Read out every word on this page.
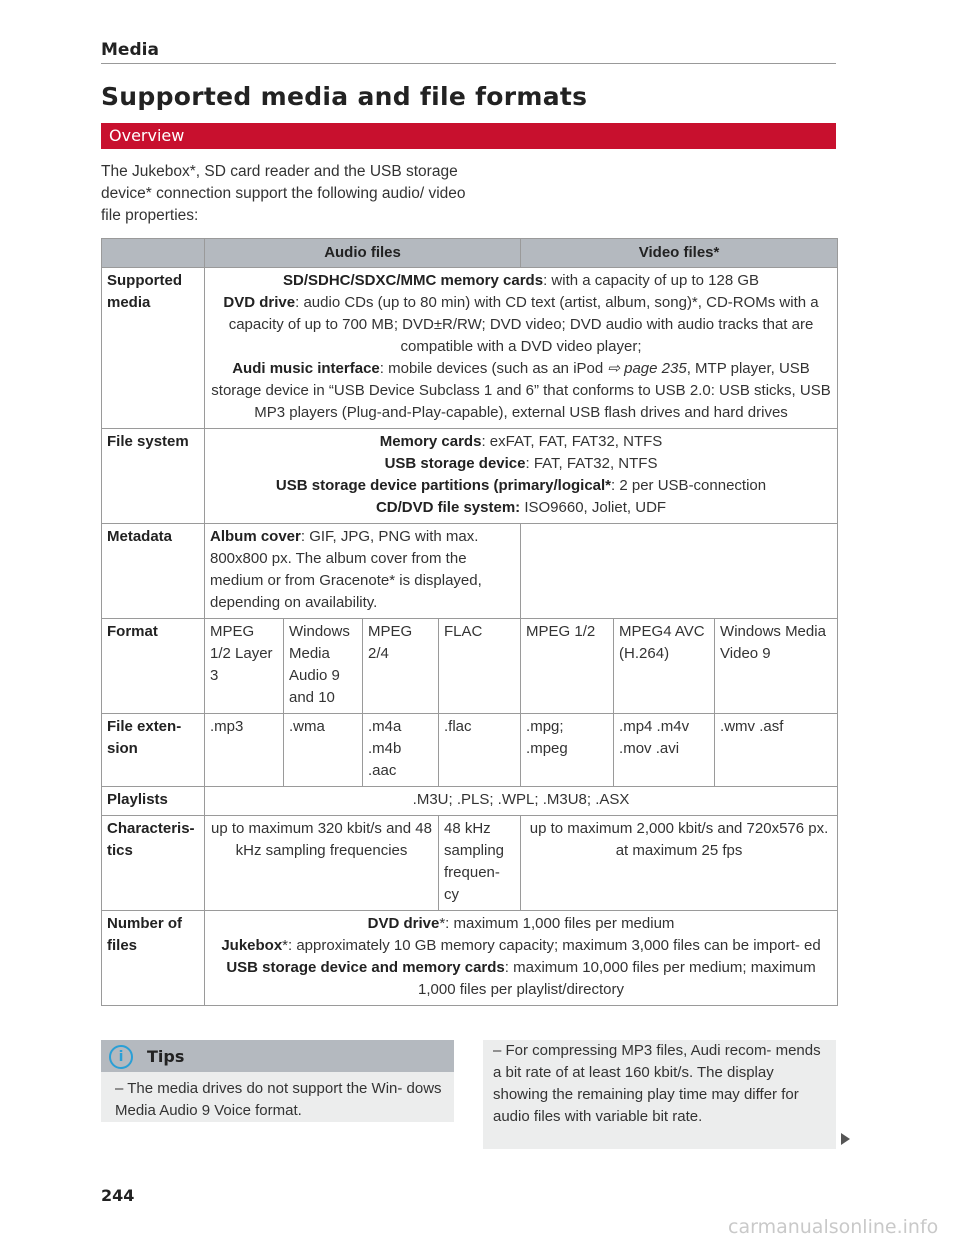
Media
Supported media and file formats
Overview
The Jukebox*, SD card reader and the USB storage device* connection support the following audio/ video file properties:
	Audio files				Video files*		
Supported media	SD/SDHC/SDXC/MMC memory cards: with a capacity of up to 128 GB
DVD drive: audio CDs (up to 80 min) with CD text (artist, album, song)*, CD-ROMs with a capacity of up to 700 MB; DVD±R/RW; DVD video; DVD audio with audio tracks that are compatible with a DVD video player;
Audi music interface: mobile devices (such as an iPod ⇨ page 235, MTP player, USB storage device in “USB Device Subclass 1 and 6” that conforms to USB 2.0: USB sticks, USB MP3 players (Plug-and-Play-capable), external USB flash drives and hard drives						
File system	Memory cards: exFAT, FAT, FAT32, NTFS
USB storage device: FAT, FAT32, NTFS
USB storage device partitions (primary/logical*: 2 per USB-connection
CD/DVD file system: ISO9660, Joliet, UDF						
Metadata	Album cover: GIF, JPG, PNG with max. 800x800 px. The album cover from the medium or from Gracenote* is displayed, depending on availability.						
Format	MPEG 1/2 Layer 3	Windows Media Audio 9 and 10	MPEG 2/4	FLAC	MPEG 1/2	MPEG4 AVC (H.264)	Windows Media Video 9
File exten- sion	.mp3	.wma	.m4a .m4b .aac	.flac	.mpg; .mpeg	.mp4 .m4v .mov .avi	.wmv .asf
Playlists	.M3U; .PLS; .WPL; .M3U8; .ASX						
Characteris- tics	up to maximum 320 kbit/s and 48 kHz sampling frequencies			48 kHz sampling frequen- cy	up to maximum 2,000 kbit/s and 720x576 px. at maximum 25 fps		
Number of files	DVD drive*: maximum 1,000 files per medium
Jukebox*: approximately 10 GB memory capacity; maximum 3,000 files can be import- ed
USB storage device and memory cards: maximum 10,000 files per medium; maximum 1,000 files per playlist/directory						
i	Tips
– The media drives do not support the Win- dows Media Audio 9 Voice format.
– For compressing MP3 files, Audi recom- mends a bit rate of at least 160 kbit/s. The display showing the remaining play time may differ for audio files with variable bit rate.
244
carmanualsonline.info
